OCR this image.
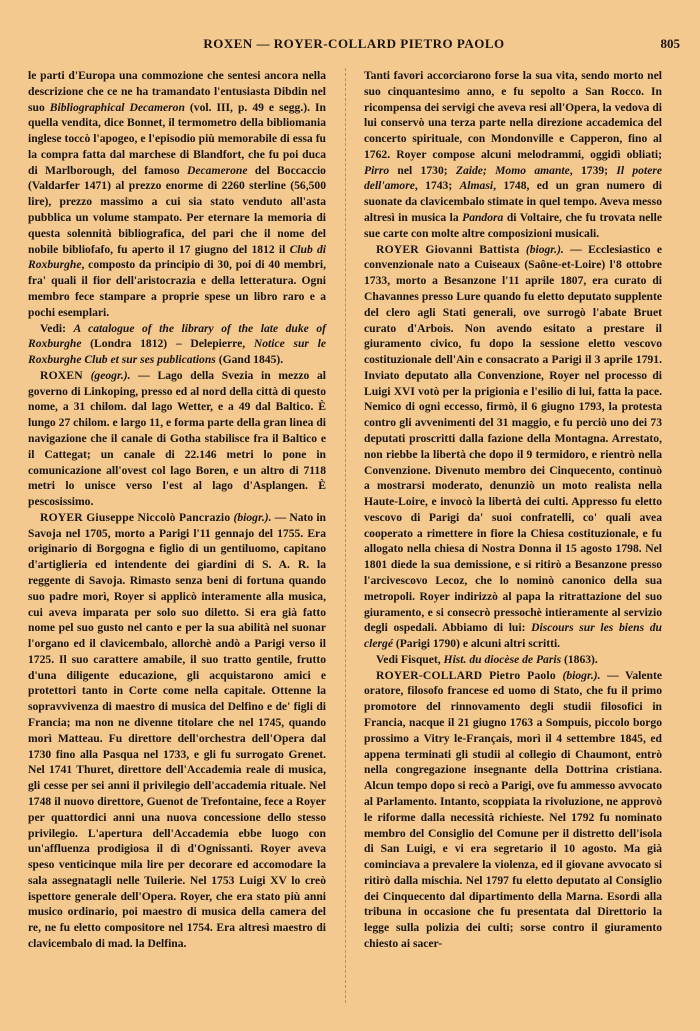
ROXEN — ROYER-COLLARD PIETRO PAOLO	805

le parti d'Europa una commozione che sentesi ancora nella descrizione che ce ne ha tramandato l'entusiasta Dibdin nel suo Bibliographical Decameron (vol. III, p. 49 e segg.). In quella vendita, dice Bonnet, il termometro della bibliomania inglese toccò l'apogeo, e l'episodio più memorabile di essa fu la compra fatta dal marchese di Blandfort, che fu poi duca di Marlborough, del famoso Decamerone del Boccaccio (Valdarfer 1471) al prezzo enorme di 2260 sterline (56,500 lire), prezzo massimo a cui sia stato venduto all'asta pubblica un volume stampato. Per eternare la memoria di questa solennità bibliografica, del pari che il nome del nobile bibliofafo, fu aperto il 17 giugno del 1812 il Club di Roxburghe, composto da principio di 30, poi di 40 membri, fra' quali il fior dell'aristocrazia e della letteratura. Ogni membro fece stampare a proprie spese un libro raro e a pochi esemplari.

Vedi: A catalogue of the library of the late duke of Roxburghe (Londra 1812) – Delepierre, Notice sur le Roxburghe Club et sur ses publications (Gand 1845).

ROXEN (geogr.). — Lago della Svezia in mezzo al governo di Linkoping, presso ed al nord della città di questo nome, a 31 chilom. dal lago Wetter, e a 49 dal Baltico. È lungo 27 chilom. e largo 11, e forma parte della gran linea di navigazione che il canale di Gotha stabilisce fra il Baltico e il Cattegat; un canale di 22.146 metri lo pone in comunicazione all'ovest col lago Boren, e un altro di 7118 metri lo unisce verso l'est al lago d'Asplangen. È pescosissimo.

ROYER Giuseppe Niccolò Pancrazio (biogr.). — Nato in Savoja nel 1705, morto a Parigi l'11 gennajo del 1755. Era originario di Borgogna e figlio di un gentiluomo, capitano d'artiglieria ed intendente dei giardini di S. A. R. la reggente di Savoja. Rimasto senza beni di fortuna quando suo padre morì, Royer si applicò interamente alla musica, cui aveva imparata per solo suo diletto. Si era già fatto nome pel suo gusto nel canto e per la sua abilità nel suonar l'organo ed il clavicembalo, allorchè andò a Parigi verso il 1725. Il suo carattere amabile, il suo tratto gentile, frutto d'una diligente educazione, gli acquistarono amici e protettori tanto in Corte come nella capitale. Ottenne la sopravvivenza di maestro di musica del Delfino e de' figli di Francia; ma non ne divenne titolare che nel 1745, quando morì Matteau. Fu direttore dell'orchestra dell'Opera dal 1730 fino alla Pasqua nel 1733, e gli fu surrogato Grenet. Nel 1741 Thuret, direttore dell'Accademia reale di musica, gli cesse per sei anni il privilegio dell'accademia rituale. Nel 1748 il nuovo direttore, Guenot de Trefontaine, fece a Royer per quattordici anni una nuova concessione dello stesso privilegio. L'apertura dell'Accademia ebbe luogo con un'affluenza prodigiosa il dì d'Ognissanti. Royer aveva speso venticinque mila lire per decorare ed accomodare la sala assegnatagli nelle Tuilerie. Nel 1753 Luigi XV lo creò ispettore generale dell'Opera. Royer, che era stato più anni musico ordinario, poi maestro di musica della camera del re, ne fu eletto compositore nel 1754. Era altresì maestro di clavicembalo di mad. la Delfina.

Tanti favori accorciarono forse la sua vita, sendo morto nel suo cinquantesimo anno, e fu sepolto a San Rocco. In ricompensa dei servigi che aveva resi all'Opera, la vedova di lui conservò una terza parte nella direzione accademica del concerto spirituale, con Mondonville e Capperon, fino al 1762. Royer compose alcuni melodrammi, oggidì obliati; Pirro nel 1730; Zaide; Momo amante, 1739; Il potere dell'amore, 1743; Almasi, 1748, ed un gran numero di suonate da clavicembalo stimate in quel tempo. Aveva messo altresì in musica la Pandora di Voltaire, che fu trovata nelle sue carte con molte altre composizioni musicali.

ROYER Giovanni Battista (biogr.). — Ecclesiastico e convenzionale nato a Cuiseaux (Saône-et-Loire) l'8 ottobre 1733, morto a Besanzone l'11 aprile 1807, era curato di Chavannes presso Lure quando fu eletto deputato supplente del clero agli Stati generali, ove surrogò l'abate Bruet curato d'Arbois. Non avendo esitato a prestare il giuramento civico, fu dopo la sessione eletto vescovo costituzionale dell'Ain e consacrato a Parigi il 3 aprile 1791. Inviato deputato alla Convenzione, Royer nel processo di Luigi XVI votò per la prigionia e l'esilio di lui, fatta la pace. Nemico di ogni eccesso, firmò, il 6 giugno 1793, la protesta contro gli avvenimenti del 31 maggio, e fu perciò uno dei 73 deputati proscritti dalla fazione della Montagna. Arrestato, non riebbe la libertà che dopo il 9 termidoro, e rientrò nella Convenzione. Divenuto membro dei Cinquecento, continuò a mostrarsi moderato, denunziò un moto realista nella Haute-Loire, e invocò la libertà dei culti. Appresso fu eletto vescovo di Parigi da' suoi confratelli, co' quali avea cooperato a rimettere in fiore la Chiesa costituzionale, e fu allogato nella chiesa di Nostra Donna il 15 agosto 1798. Nel 1801 diede la sua demissione, e si ritirò a Besanzone presso l'arcivescovo Lecoz, che lo nominò canonico della sua metropoli. Royer indirizzò al papa la ritrattazione del suo giuramento, e si consecrò pressochè intieramente al servizio degli ospedali. Abbiamo di lui: Discours sur les biens du clergé (Parigi 1790) e alcuni altri scritti.

Vedi Fisquet, Hist. du diocèse de Paris (1863).

ROYER-COLLARD Pietro Paolo (biogr.). — Valente oratore, filosofo francese ed uomo di Stato, che fu il primo promotore del rinnovamento degli studii filosofici in Francia, nacque il 21 giugno 1763 a Sompuis, piccolo borgo prossimo a Vitry le-Français, morì il 4 settembre 1845, ed appena terminati gli studii al collegio di Chaumont, entrò nella congregazione insegnante della Dottrina cristiana. Alcun tempo dopo si recò a Parigi, ove fu ammesso avvocato al Parlamento. Intanto, scoppiata la rivoluzione, ne approvò le riforme dalla necessità richieste. Nel 1792 fu nominato membro del Consiglio del Comune per il distretto dell'isola di San Luigi, e vi era segretario il 10 agosto. Ma già cominciava a prevalere la violenza, ed il giovane avvocato si ritirò dalla mischia. Nel 1797 fu eletto deputato al Consiglio dei Cinquecento dal dipartimento della Marna. Esordì alla tribuna in occasione che fu presentata dal Direttorio la legge sulla polizia dei culti; sorse contro il giuramento chiesto ai sacer-
